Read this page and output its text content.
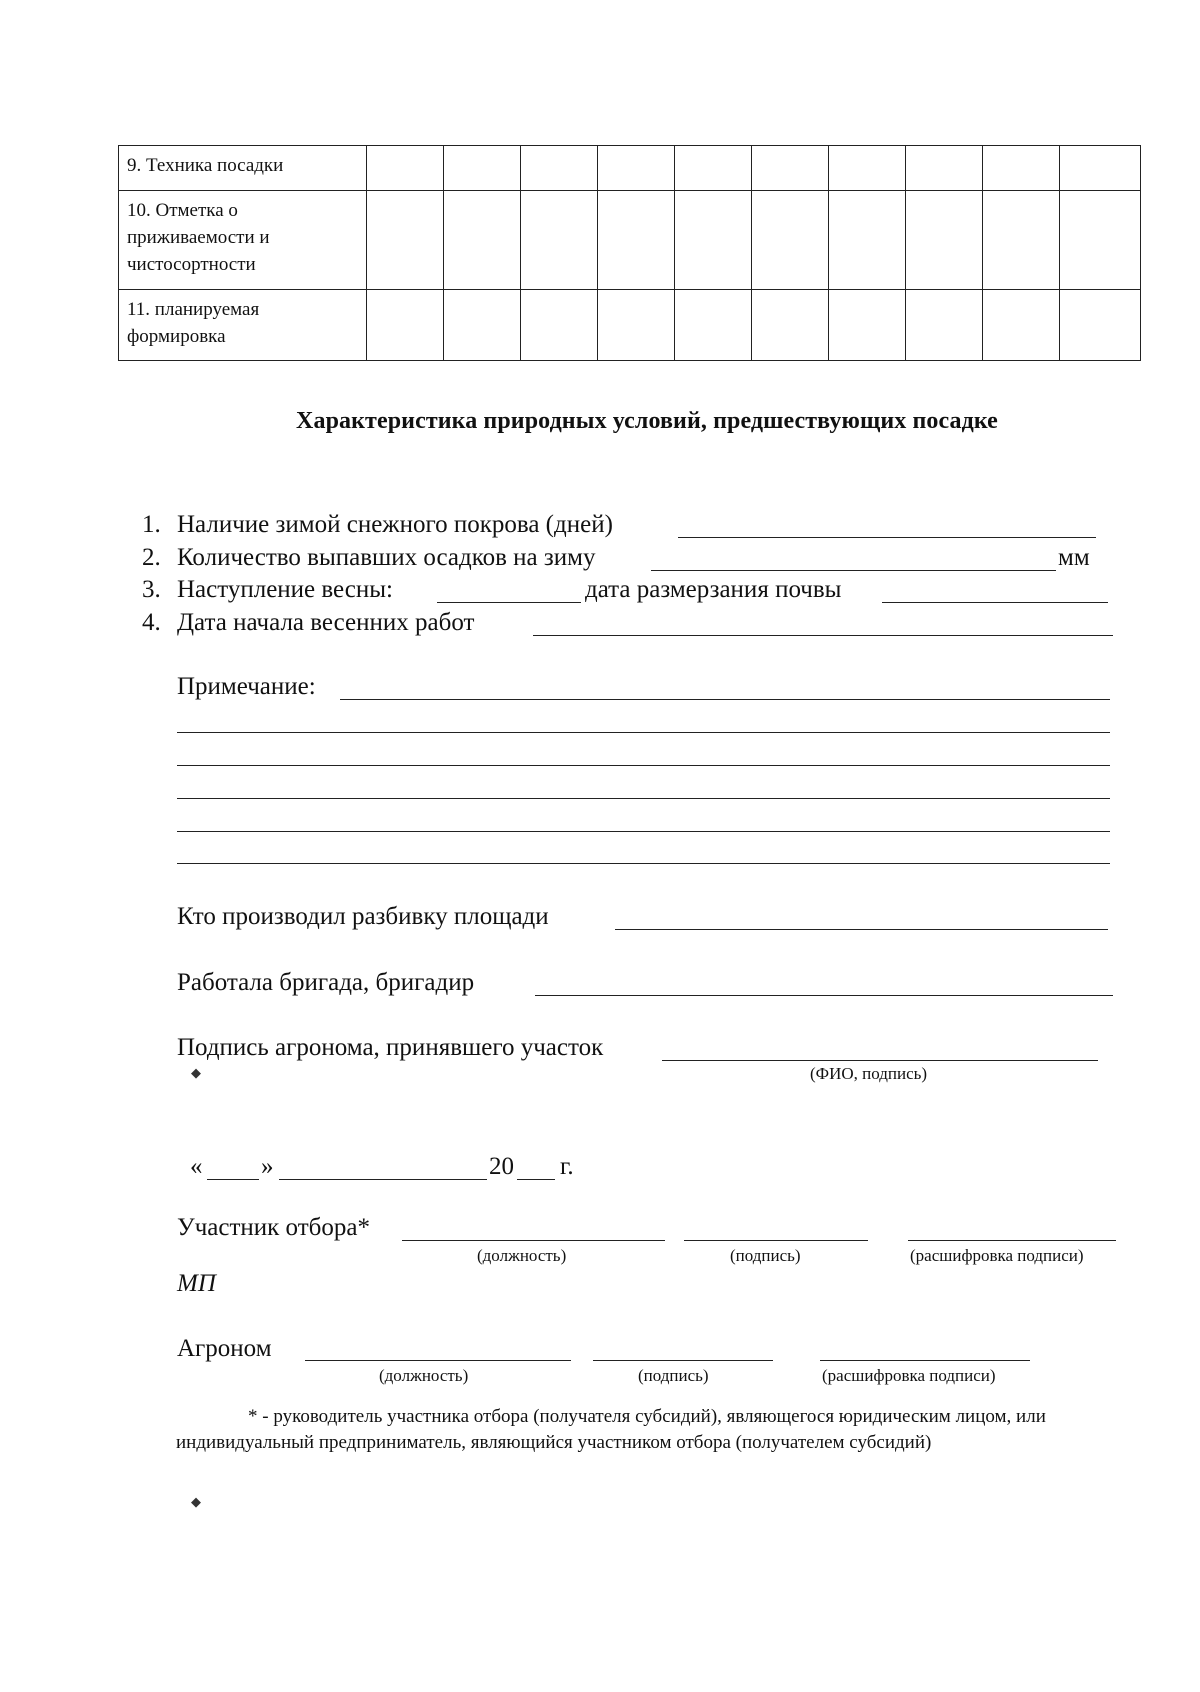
9. Техника посадки										
10. Отметка о приживаемости и чистосортности										
11. планируемая формировка										
Характеристика природных условий, предшествующих посадке
1. Наличие зимой снежного покрова (дней)
2. Количество выпавших осадков на зиму	мм
3. Наступление весны:	дата размерзания почвы
4. Дата начала весенних работ
Примечание:
Кто производил разбивку площади
Работала бригада, бригадир
Подпись агронома, принявшего участок
(ФИО, подпись)
◆
« »	20 г.
Участник отбора*
(должность)	(подпись)	(расшифровка подписи)
МП
Агроном
(должность)	(подпись)	(расшифровка подписи)
* - руководитель участника отбора (получателя субсидий), являющегося юридическим лицом, или индивидуальный предприниматель, являющийся участником отбора (получателем субсидий)
◆
